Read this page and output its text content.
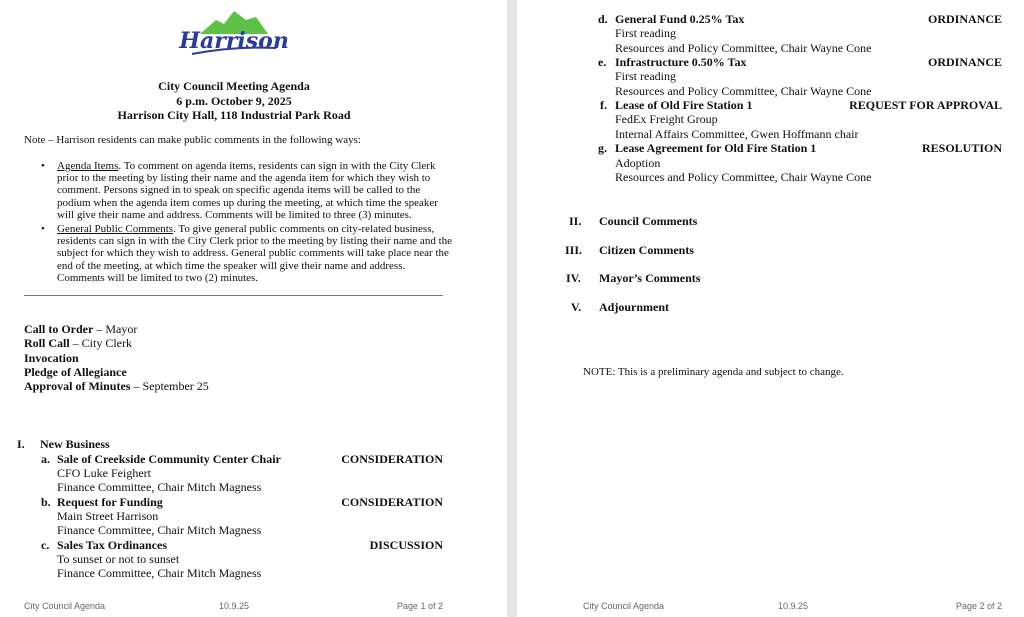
Harrison
City Council Meeting Agenda
6 p.m. October 9, 2025
Harrison City Hall, 118 Industrial Park Road
Note – Harrison residents can make public comments in the following ways:
• Agenda Items. To comment on agenda items, residents can sign in with the City Clerk
prior to the meeting by listing their name and the agenda item for which they wish to
comment. Persons signed in to speak on specific agenda items will be called to the
podium when the agenda item comes up during the meeting, at which time the speaker
will give their name and address. Comments will be limited to three (3) minutes.
• General Public Comments. To give general public comments on city-related business,
residents can sign in with the City Clerk prior to the meeting by listing their name and the
subject for which they wish to address. General public comments will take place near the
end of the meeting, at which time the speaker will give their name and address.
Comments will be limited to two (2) minutes.
Call to Order – Mayor
Roll Call – City Clerk
Invocation
Pledge of Allegiance
Approval of Minutes – September 25
I. New Business
a. Sale of Creekside Community Center Chair	CONSIDERATION
CFO Luke Feighert
Finance Committee, Chair Mitch Magness
b. Request for Funding	CONSIDERATION
Main Street Harrison
Finance Committee, Chair Mitch Magness
c. Sales Tax Ordinances	DISCUSSION
To sunset or not to sunset
Finance Committee, Chair Mitch Magness
City Council Agenda	10.9.25	Page 1 of 2
d. General Fund 0.25% Tax	ORDINANCE
First reading
Resources and Policy Committee, Chair Wayne Cone
e. Infrastructure 0.50% Tax	ORDINANCE
First reading
Resources and Policy Committee, Chair Wayne Cone
f. Lease of Old Fire Station 1	REQUEST FOR APPROVAL
FedEx Freight Group
Internal Affairs Committee, Gwen Hoffmann chair
g. Lease Agreement for Old Fire Station 1	RESOLUTION
Adoption
Resources and Policy Committee, Chair Wayne Cone
II. Council Comments
III. Citizen Comments
IV. Mayor’s Comments
V. Adjournment
NOTE: This is a preliminary agenda and subject to change.
City Council Agenda	10.9.25	Page 2 of 2
